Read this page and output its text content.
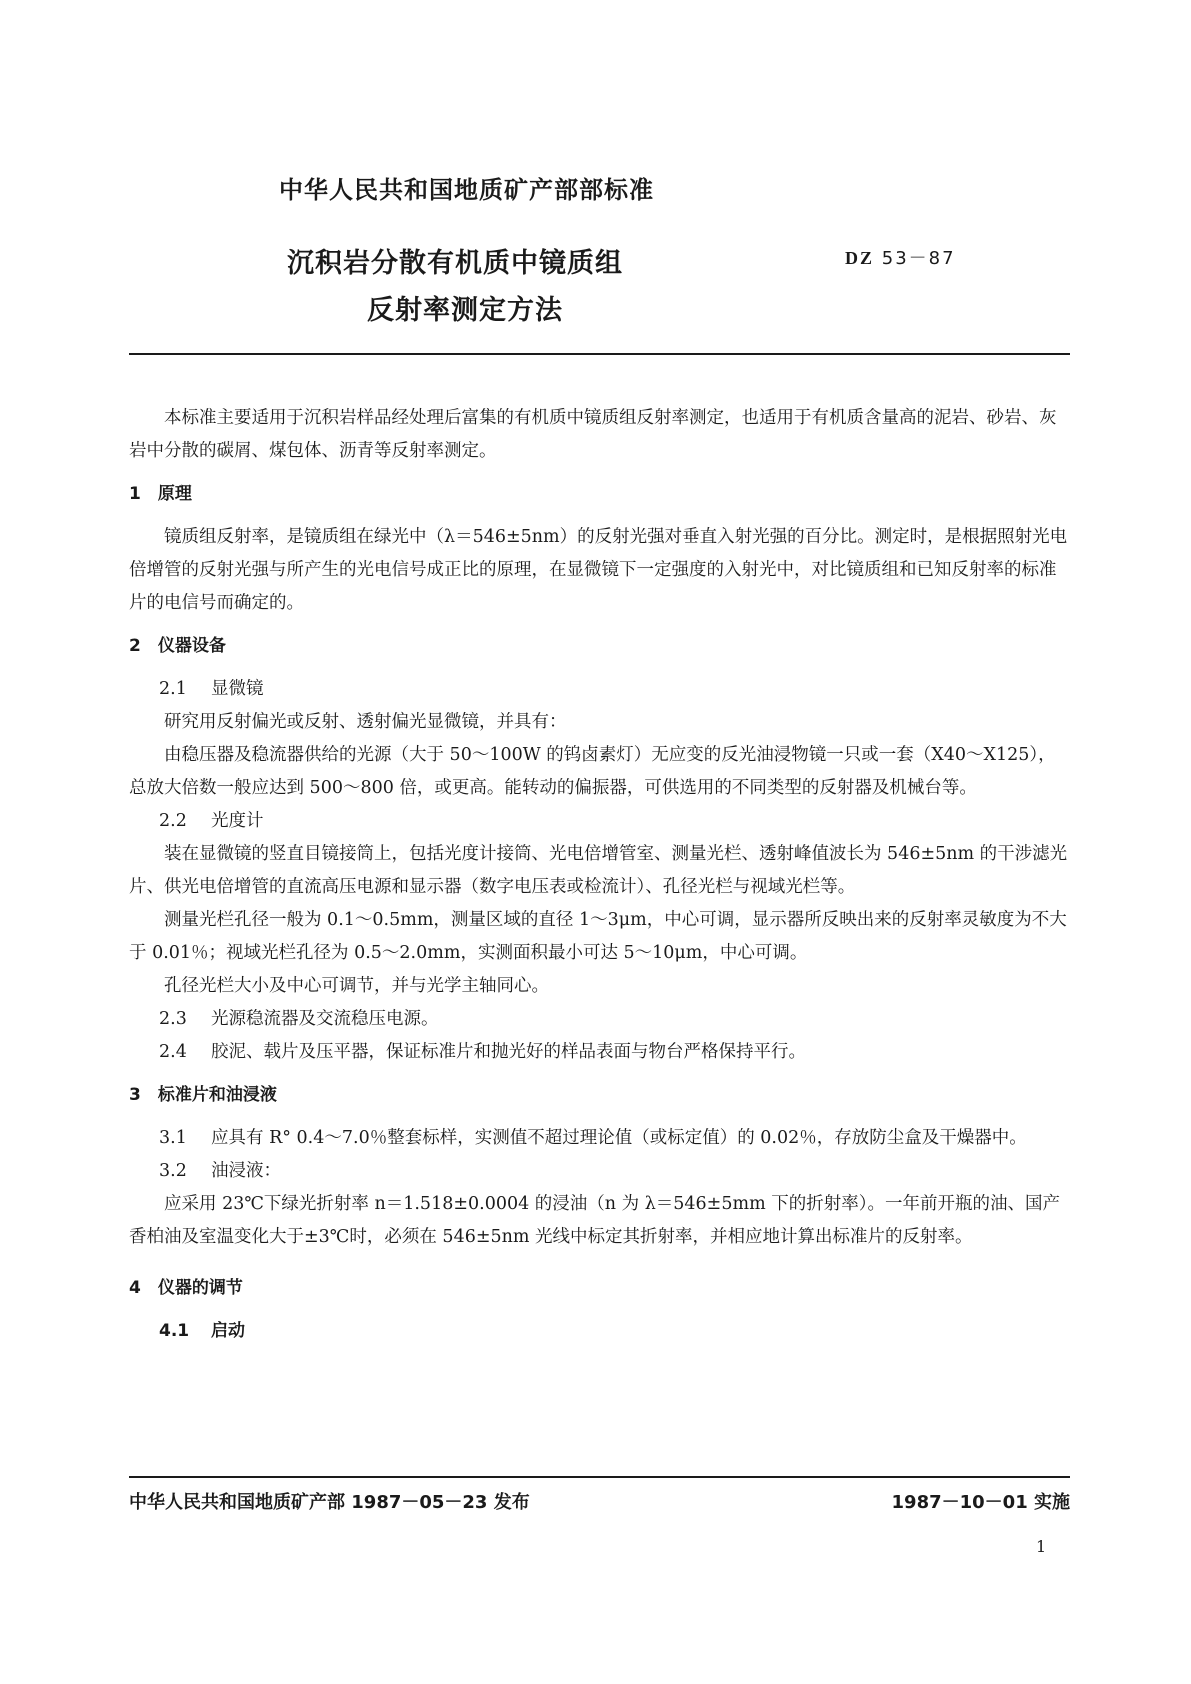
中华人民共和国地质矿产部部标准
沉积岩分散有机质中镜质组
反射率测定方法
DZ 53－87

本标准主要适用于沉积岩样品经处理后富集的有机质中镜质组反射率测定，也适用于有机质含量高的泥岩、砂岩、灰岩中分散的碳屑、煤包体、沥青等反射率测定。

1　原理

镜质组反射率，是镜质组在绿光中（λ＝546±5nm）的反射光强对垂直入射光强的百分比。测定时，是根据照射光电倍增管的反射光强与所产生的光电信号成正比的原理，在显微镜下一定强度的入射光中，对比镜质组和已知反射率的标准片的电信号而确定的。

2　仪器设备

2.1 显微镜

研究用反射偏光或反射、透射偏光显微镜，并具有：

由稳压器及稳流器供给的光源（大于 50～100W 的钨卤素灯）无应变的反光油浸物镜一只或一套（X40～X125），总放大倍数一般应达到 500～800 倍，或更高。能转动的偏振器，可供选用的不同类型的反射器及机械台等。

2.2 光度计

装在显微镜的竖直目镜接筒上，包括光度计接筒、光电倍增管室、测量光栏、透射峰值波长为 546±5nm 的干涉滤光片、供光电倍增管的直流高压电源和显示器（数字电压表或检流计）、孔径光栏与视域光栏等。

测量光栏孔径一般为 0.1～0.5mm，测量区域的直径 1～3μm，中心可调，显示器所反映出来的反射率灵敏度为不大于 0.01％；视域光栏孔径为 0.5～2.0mm，实测面积最小可达 5～10μm，中心可调。

孔径光栏大小及中心可调节，并与光学主轴同心。

2.3 光源稳流器及交流稳压电源。

2.4 胶泥、载片及压平器，保证标准片和抛光好的样品表面与物台严格保持平行。

3　标准片和油浸液

3.1 应具有 R° 0.4～7.0％整套标样，实测值不超过理论值（或标定值）的 0.02％，存放防尘盒及干燥器中。

3.2 油浸液：

应采用 23℃下绿光折射率 n＝1.518±0.0004 的浸油（n 为 λ＝546±5mm 下的折射率）。一年前开瓶的油、国产香柏油及室温变化大于±3℃时，必须在 546±5nm 光线中标定其折射率，并相应地计算出标准片的反射率。

4　仪器的调节

4.1 启动

中华人民共和国地质矿产部 1987－05－23 发布	1987－10－01 实施
1
